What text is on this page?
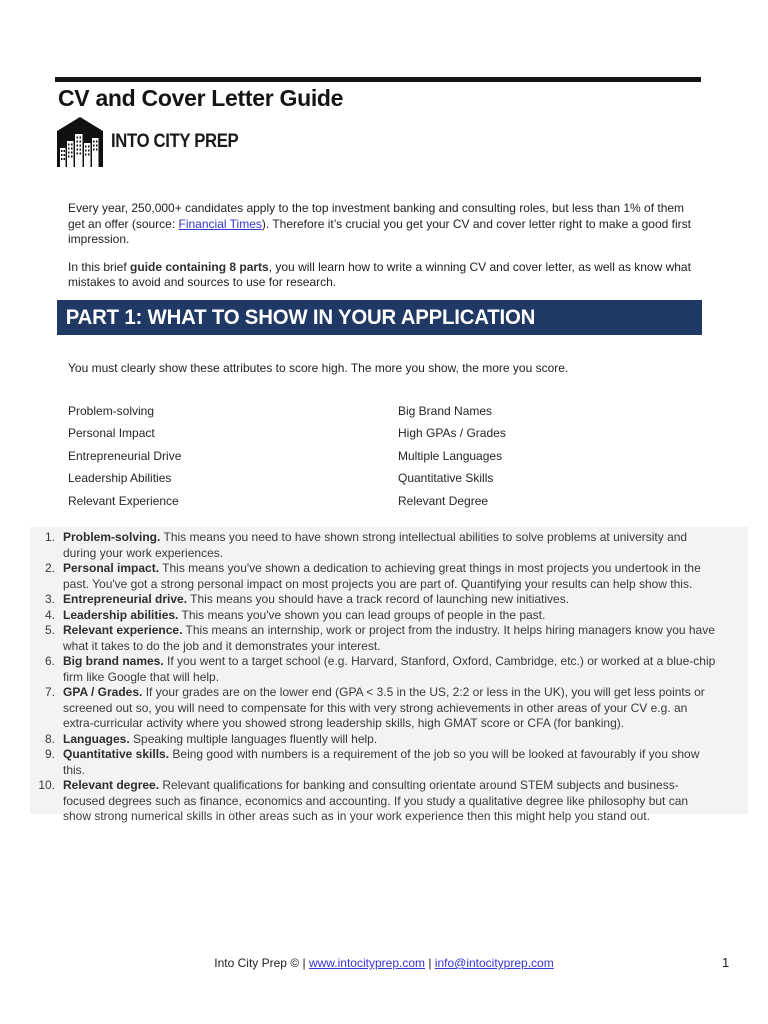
CV and Cover Letter Guide
INTO CITY PREP

Every year, 250,000+ candidates apply to the top investment banking and consulting roles, but less than 1% of them get an offer (source: Financial Times). Therefore it’s crucial you get your CV and cover letter right to make a good first impression.

In this brief guide containing 8 parts, you will learn how to write a winning CV and cover letter, as well as know what mistakes to avoid and sources to use for research.

PART 1: WHAT TO SHOW IN YOUR APPLICATION

You must clearly show these attributes to score high. The more you show, the more you score.

Problem-solving	Big Brand Names
Personal Impact	High GPAs / Grades
Entrepreneurial Drive	Multiple Languages
Leadership Abilities	Quantitative Skills
Relevant Experience	Relevant Degree
1. Problem-solving. This means you need to have shown strong intellectual abilities to solve problems at university and during your work experiences.
2. Personal impact. This means you've shown a dedication to achieving great things in most projects you undertook in the past. You've got a strong personal impact on most projects you are part of. Quantifying your results can help show this.
3. Entrepreneurial drive. This means you should have a track record of launching new initiatives.
4. Leadership abilities. This means you've shown you can lead groups of people in the past.
5. Relevant experience. This means an internship, work or project from the industry. It helps hiring managers know you have what it takes to do the job and it demonstrates your interest.
6. Big brand names. If you went to a target school (e.g. Harvard, Stanford, Oxford, Cambridge, etc.) or worked at a blue-chip firm like Google that will help.
7. GPA / Grades. If your grades are on the lower end (GPA < 3.5 in the US, 2:2 or less in the UK), you will get less points or screened out so, you will need to compensate for this with very strong achievements in other areas of your CV e.g. an extra-curricular activity where you showed strong leadership skills, high GMAT score or CFA (for banking).
8. Languages. Speaking multiple languages fluently will help.
9. Quantitative skills. Being good with numbers is a requirement of the job so you will be looked at favourably if you show this.
10. Relevant degree. Relevant qualifications for banking and consulting orientate around STEM subjects and business-focused degrees such as finance, economics and accounting. If you study a qualitative degree like philosophy but can show strong numerical skills in other areas such as in your work experience then this might help you stand out.
Into City Prep © | www.intocityprep.com | info@intocityprep.com	1
